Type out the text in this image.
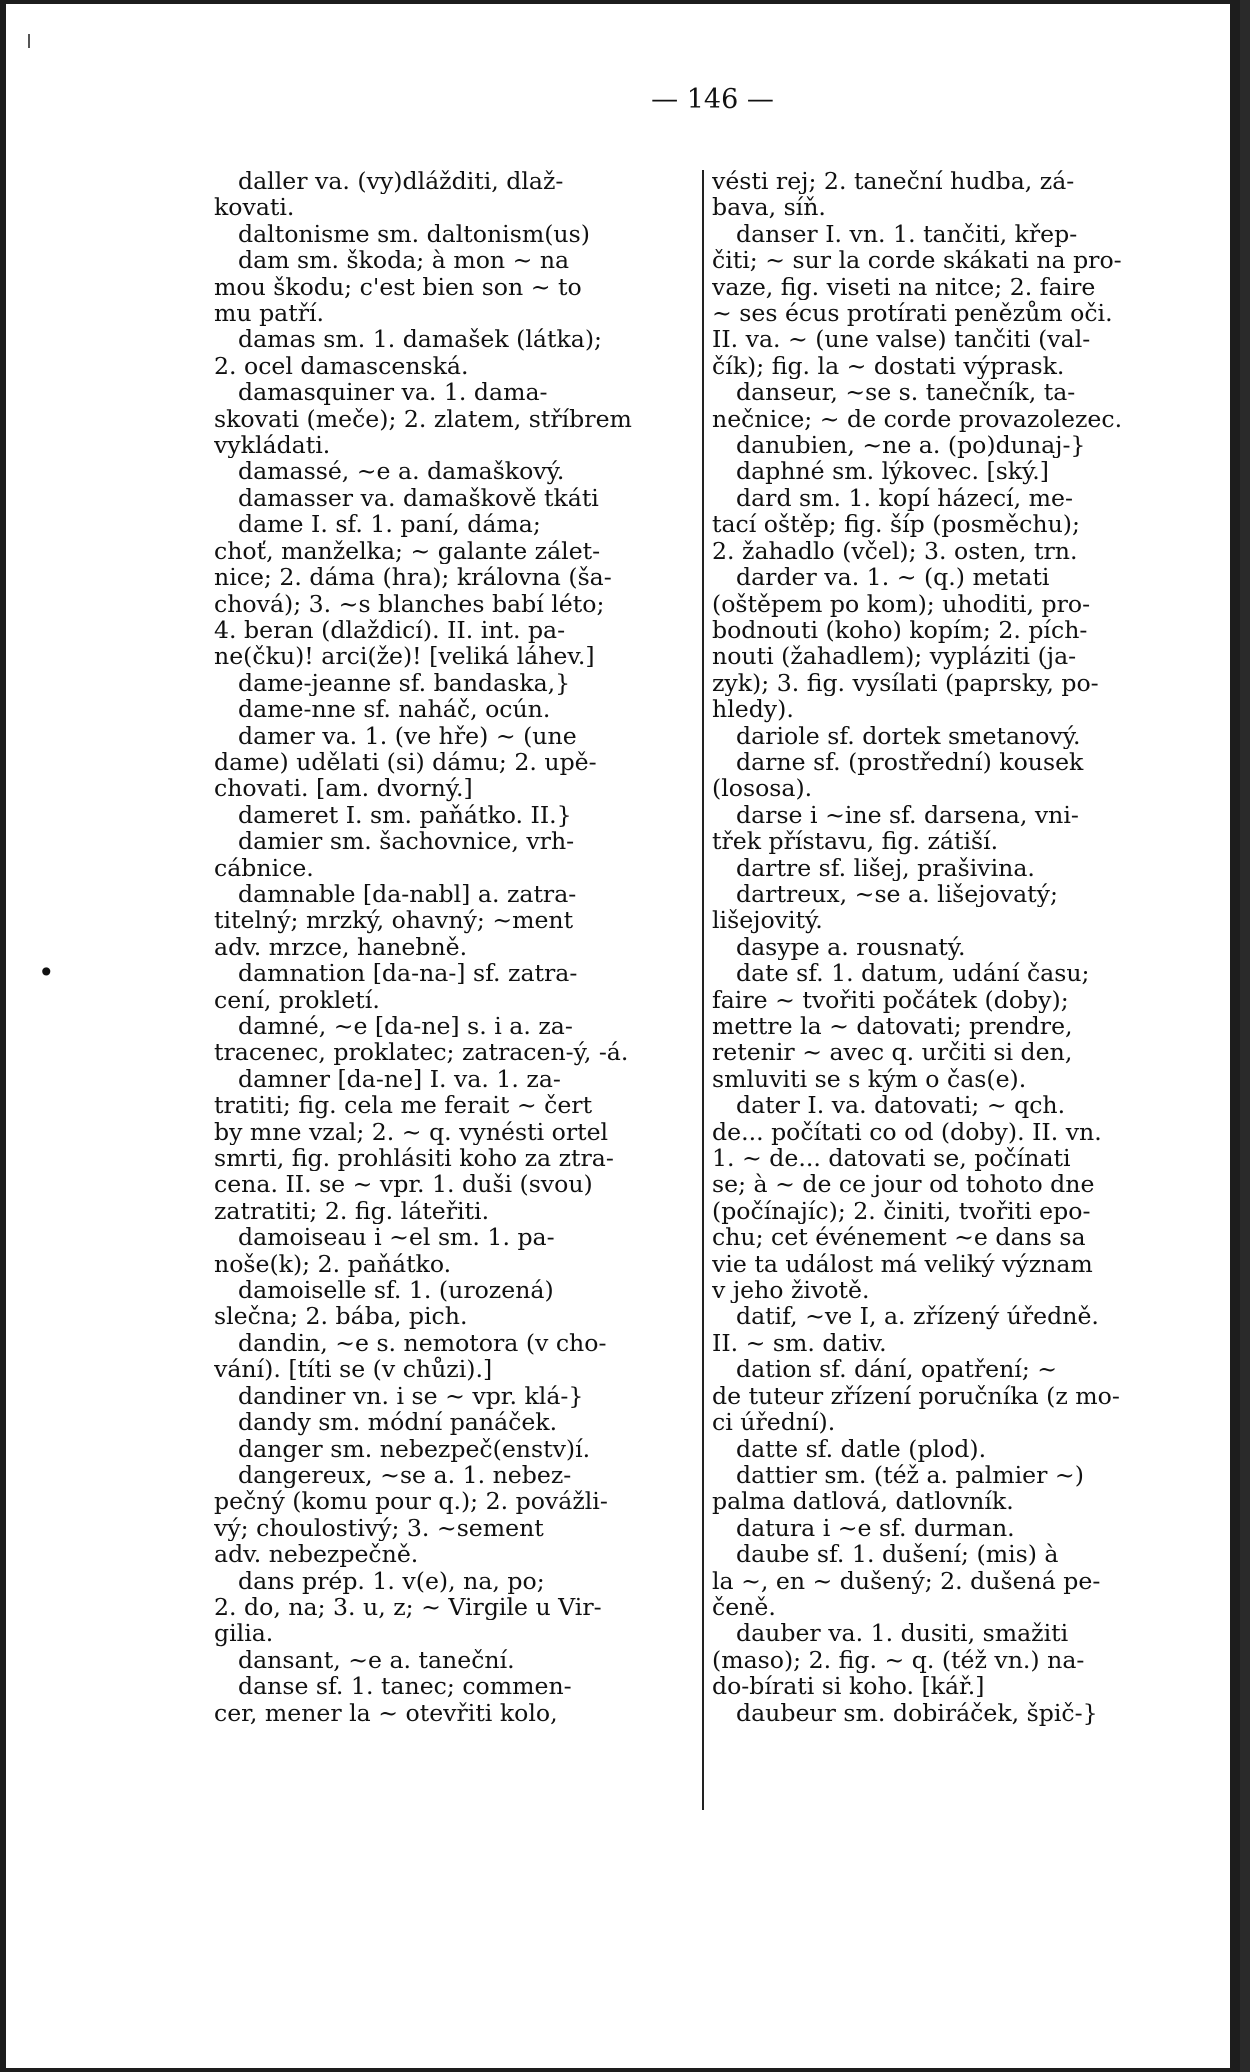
— 146 —
•
daller va. (vy)dlážditi, dlaž-
kovati.
daltonisme sm. daltonism(us)
dam sm. škoda; à mon ~ na
mou škodu; c'est bien son ~ to
mu patří.
damas sm. 1. damašek (látka);
2. ocel damascenská.
damasquiner va. 1. dama-
skovati (meče); 2. zlatem, stříbrem
vykládati.
damassé, ~e a. damaškový.
damasser va. damaškově tkáti
dame I. sf. 1. paní, dáma;
choť, manželka; ~ galante zálet-
nice; 2. dáma (hra); královna (ša-
chová); 3. ~s blanches babí léto;
4. beran (dlaždicí). II. int. pa-
ne(čku)! arci(že)! [veliká láhev.]
dame-jeanne sf. bandaska,}
dame-nne sf. naháč, ocún.
damer va. 1. (ve hře) ~ (une
dame) udělati (si) dámu; 2. upě-
chovati. [am. dvorný.]
dameret I. sm. paňátko. II.}
damier sm. šachovnice, vrh-
cábnice.
damnable [da-nabl] a. zatra-
titelný; mrzký, ohavný; ~ment
adv. mrzce, hanebně.
damnation [da-na-] sf. zatra-
cení, prokletí.
damné, ~e [da-ne] s. i a. za-
tracenec, proklatec; zatracen-ý, -á.
damner [da-ne] I. va. 1. za-
tratiti; fig. cela me ferait ~ čert
by mne vzal; 2. ~ q. vynésti ortel
smrti, fig. prohlásiti koho za ztra-
cena. II. se ~ vpr. 1. duši (svou)
zatratiti; 2. fig. láteřiti.
damoiseau i ~el sm. 1. pa-
noše(k); 2. paňátko.
damoiselle sf. 1. (urozená)
slečna; 2. bába, pich.
dandin, ~e s. nemotora (v cho-
vání). [títi se (v chůzi).]
dandiner vn. i se ~ vpr. klá-}
dandy sm. módní panáček.
danger sm. nebezpeč(enstv)í.
dangereux, ~se a. 1. nebez-
pečný (komu pour q.); 2. povážli-
vý; choulostivý; 3. ~sement
adv. nebezpečně.
dans prép. 1. v(e), na, po;
2. do, na; 3. u, z; ~ Virgile u Vir-
gilia.
dansant, ~e a. taneční.
danse sf. 1. tanec; commen-
cer, mener la ~ otevřiti kolo,
vésti rej; 2. taneční hudba, zá-
bava, síň.
danser I. vn. 1. tančiti, křep-
čiti; ~ sur la corde skákati na pro-
vaze, fig. viseti na nitce; 2. faire
~ ses écus protírati penězům oči.
II. va. ~ (une valse) tančiti (val-
čík); fig. la ~ dostati výprask.
danseur, ~se s. tanečník, ta-
nečnice; ~ de corde provazolezec.
danubien, ~ne a. (po)dunaj-}
daphné sm. lýkovec. [ský.]
dard sm. 1. kopí házecí, me-
tací oštěp; fig. šíp (posměchu);
2. žahadlo (včel); 3. osten, trn.
darder va. 1. ~ (q.) metati
(oštěpem po kom); uhoditi, pro-
bodnouti (koho) kopím; 2. pích-
nouti (žahadlem); vypláziti (ja-
zyk); 3. fig. vysílati (paprsky, po-
hledy).
dariole sf. dortek smetanový.
darne sf. (prostřední) kousek
(lososa).
darse i ~ine sf. darsena, vni-
třek přístavu, fig. zátiší.
dartre sf. lišej, prašivina.
dartreux, ~se a. lišejovatý;
lišejovitý.
dasype a. rousnatý.
date sf. 1. datum, udání času;
faire ~ tvořiti počátek (doby);
mettre la ~ datovati; prendre,
retenir ~ avec q. určiti si den,
smluviti se s kým o čas(e).
dater I. va. datovati; ~ qch.
de... počítati co od (doby). II. vn.
1. ~ de... datovati se, počínati
se; à ~ de ce jour od tohoto dne
(počínajíc); 2. činiti, tvořiti epo-
chu; cet événement ~e dans sa
vie ta událost má veliký význam
v jeho životě.
datif, ~ve I, a. zřízený úředně.
II. ~ sm. dativ.
dation sf. dání, opatření; ~
de tuteur zřízení poručníka (z mo-
ci úřední).
datte sf. datle (plod).
dattier sm. (též a. palmier ~)
palma datlová, datlovník.
datura i ~e sf. durman.
daube sf. 1. dušení; (mis) à
la ~, en ~ dušený; 2. dušená pe-
čeně.
dauber va. 1. dusiti, smažiti
(maso); 2. fig. ~ q. (též vn.) na-
do-bírati si koho. [kář.]
daubeur sm. dobiráček, špič-}
